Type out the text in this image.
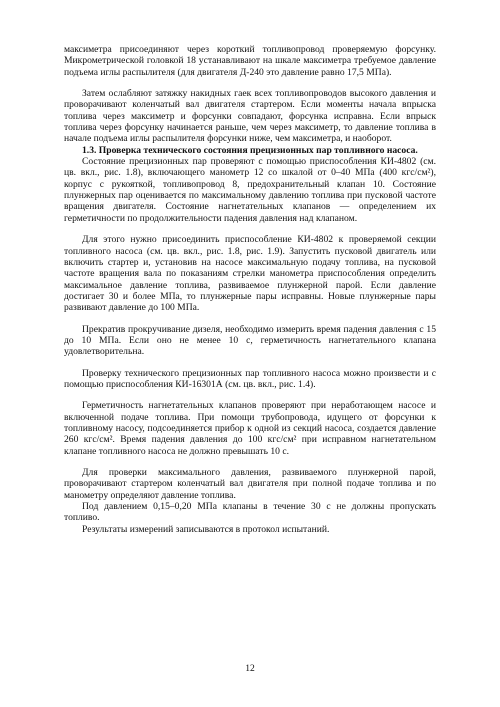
максиметра присоединяют через короткий топливопровод проверяемую форсунку. Микрометрической головкой 18 устанавливают на шкале максиметра требуемое давление подъема иглы распылителя (для двигателя Д-240 это давление равно 17,5 МПа).

Затем ослабляют затяжку накидных гаек всех топливопроводов высокого давления и проворачивают коленчатый вал двигателя стартером. Если моменты начала впрыска топлива через максиметр и форсунки совпадают, форсунка исправна. Если впрыск топлива через форсунку начинается раньше, чем через максиметр, то давление топлива в начале подъема иглы распылителя форсунки ниже, чем максиметра, и наоборот.

1.3. Проверка технического состояния прецизионных пар топливного насоса.

Состояние прецизионных пар проверяют с помощью приспособления КИ-4802 (см. цв. вкл., рис. 1.8), включающего манометр 12 со шкалой от 0–40 МПа (400 кгс/см²), корпус с рукояткой, топливопровод 8, предохранительный клапан 10. Состояние плунжерных пар оценивается по максимальному давлению топлива при пусковой частоте вращения двигателя. Состояние нагнетательных клапанов — определением их герметичности по продолжительности падения давления над клапаном.

Для этого нужно присоединить приспособление КИ-4802 к проверяемой секции топливного насоса (см. цв. вкл., рис. 1.8, рис. 1.9). Запустить пусковой двигатель или включить стартер и, установив на насосе максимальную подачу топлива, на пусковой частоте вращения вала по показаниям стрелки манометра приспособления определить максимальное давление топлива, развиваемое плунжерной парой. Если давление достигает 30 и более МПа, то плунжерные пары исправны. Новые плунжерные пары развивают давление до 100 МПа.

Прекратив прокручивание дизеля, необходимо измерить время падения давления с 15 до 10 МПа. Если оно не менее 10 с, герметичность нагнетательного клапана удовлетворительна.

Проверку технического прецизионных пар топливного насоса можно произвести и с помощью приспособления КИ-16301А (см. цв. вкл., рис. 1.4).

Герметичность нагнетательных клапанов проверяют при неработающем насосе и включенной подаче топлива. При помощи трубопровода, идущего от форсунки к топливному насосу, подсоединяется прибор к одной из секций насоса, создается давление 260 кгс/см². Время падения давления до 100 кгс/см² при исправном нагнетательном клапане топливного насоса не должно превышать 10 с.

Для проверки максимального давления, развиваемого плунжерной парой, проворачивают стартером коленчатый вал двигателя при полной подаче топлива и по манометру определяют давление топлива.

Под давлением 0,15–0,20 МПа клапаны в течение 30 с не должны пропускать топливо.

Результаты измерений записываются в протокол испытаний.

12
